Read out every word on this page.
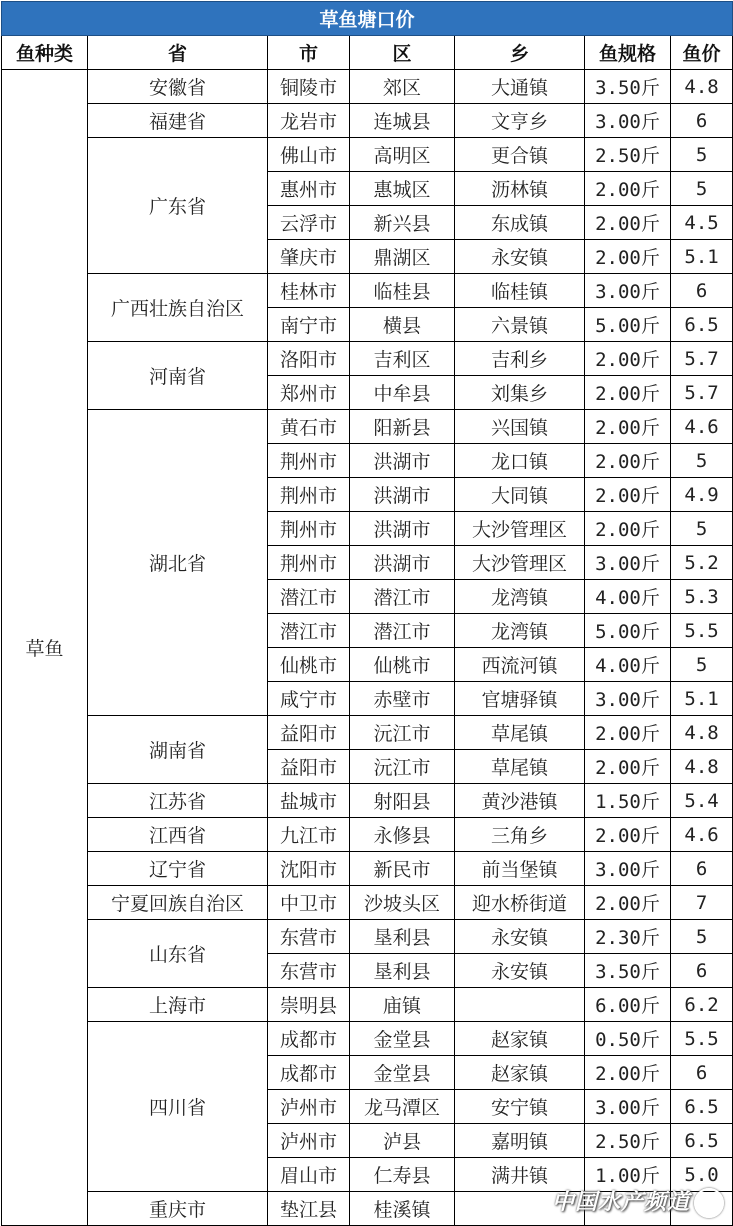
草鱼塘口价						
鱼种类	省	市	区	乡	鱼规格	鱼价
草鱼	安徽省	铜陵市	郊区	大通镇	3.50斤	4.8
	福建省	龙岩市	连城县	文亨乡	3.00斤	6
	广东省	佛山市	高明区	更合镇	2.50斤	5
		惠州市	惠城区	沥林镇	2.00斤	5
		云浮市	新兴县	东成镇	2.00斤	4.5
		肇庆市	鼎湖区	永安镇	2.00斤	5.1
	广西壮族自治区	桂林市	临桂县	临桂镇	3.00斤	6
		南宁市	横县	六景镇	5.00斤	6.5
	河南省	洛阳市	吉利区	吉利乡	2.00斤	5.7
		郑州市	中牟县	刘集乡	2.00斤	5.7
	湖北省	黄石市	阳新县	兴国镇	2.00斤	4.6
		荆州市	洪湖市	龙口镇	2.00斤	5
		荆州市	洪湖市	大同镇	2.00斤	4.9
		荆州市	洪湖市	大沙管理区	2.00斤	5
		荆州市	洪湖市	大沙管理区	3.00斤	5.2
		潜江市	潜江市	龙湾镇	4.00斤	5.3
		潜江市	潜江市	龙湾镇	5.00斤	5.5
		仙桃市	仙桃市	西流河镇	4.00斤	5
		咸宁市	赤壁市	官塘驿镇	3.00斤	5.1
	湖南省	益阳市	沅江市	草尾镇	2.00斤	4.8
		益阳市	沅江市	草尾镇	2.00斤	4.8
	江苏省	盐城市	射阳县	黄沙港镇	1.50斤	5.4
	江西省	九江市	永修县	三角乡	2.00斤	4.6
	辽宁省	沈阳市	新民市	前当堡镇	3.00斤	6
	宁夏回族自治区	中卫市	沙坡头区	迎水桥街道	2.00斤	7
	山东省	东营市	垦利县	永安镇	2.30斤	5
		东营市	垦利县	永安镇	3.50斤	6
	上海市	崇明县	庙镇		6.00斤	6.2
	四川省	成都市	金堂县	赵家镇	0.50斤	5.5
		成都市	金堂县	赵家镇	2.00斤	6
		泸州市	龙马潭区	安宁镇	3.00斤	6.5
		泸州市	泸县	嘉明镇	2.50斤	6.5
		眉山市	仁寿县	满井镇	1.00斤	5.0
	重庆市	垫江县	桂溪镇				中国水产频道
